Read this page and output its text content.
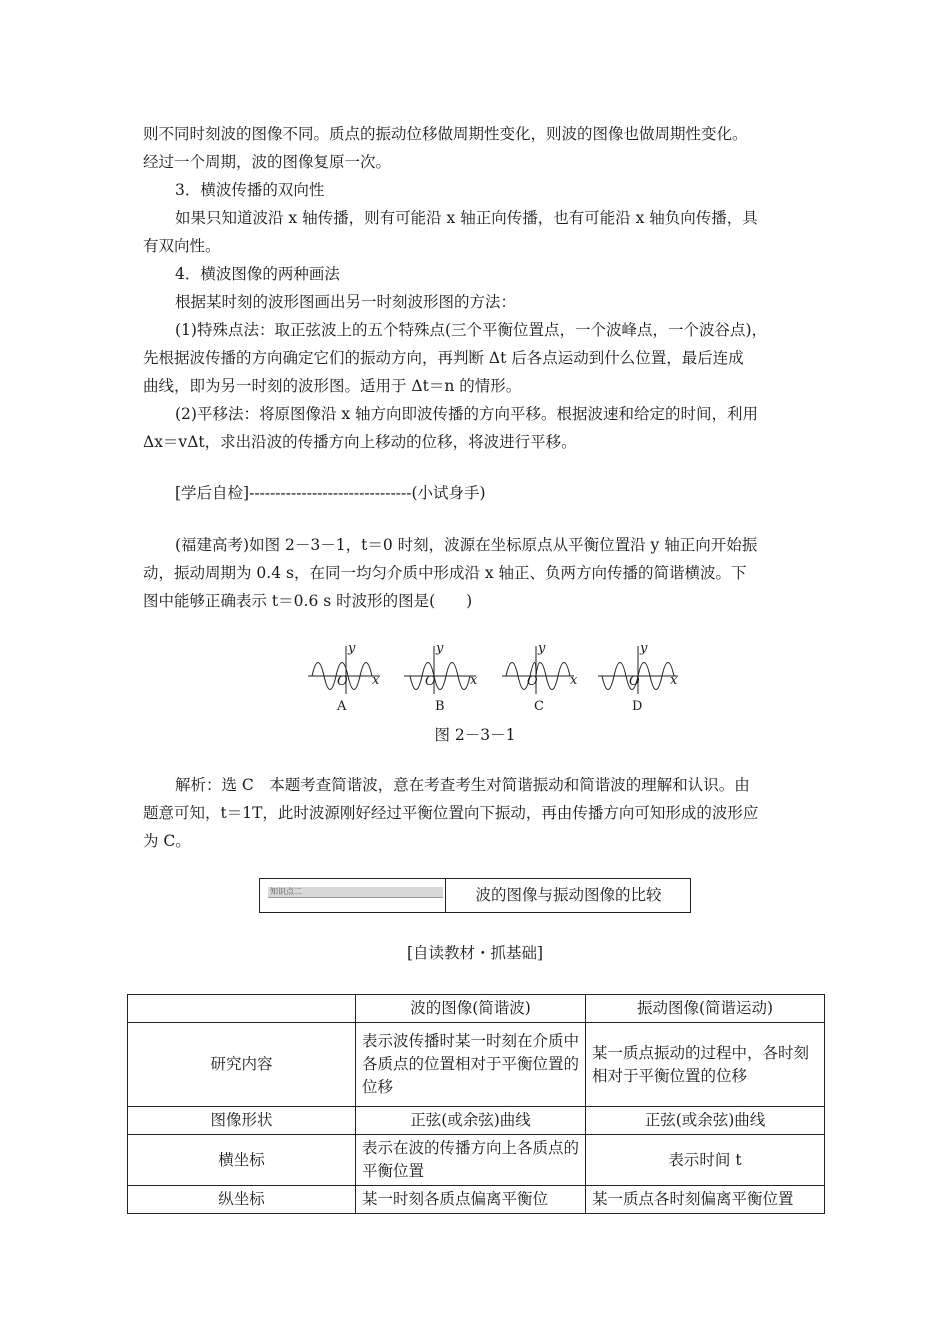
则不同时刻波的图像不同。质点的振动位移做周期性变化，则波的图像也做周期性变化。
经过一个周期，波的图像复原一次。
3．横波传播的双向性
如果只知道波沿 x 轴传播，则有可能沿 x 轴正向传播，也有可能沿 x 轴负向传播，具
有双向性。
4．横波图像的两种画法
根据某时刻的波形图画出另一时刻波形图的方法：
(1)特殊点法：取正弦波上的五个特殊点(三个平衡位置点，一个波峰点，一个波谷点)，
先根据波传播的方向确定它们的振动方向，再判断 Δt 后各点运动到什么位置，最后连成
曲线，即为另一时刻的波形图。适用于 Δt＝n 的情形。
(2)平移法：将原图像沿 x 轴方向即波传播的方向平移。根据波速和给定的时间，利用
Δx＝vΔt，求出沿波的传播方向上移动的位移，将波进行平移。
[学后自检]-------------------------------(小试身手)
(福建高考)如图 2－3－1，t＝0 时刻，波源在坐标原点从平衡位置沿 y 轴正向开始振
动，振动周期为 0.4 s，在同一均匀介质中形成沿 x 轴正、负两方向传播的简谐横波。下
图中能够正确表示 t＝0.6 s 时波形的图是(　　)
y
x
O
y
x
O
y
x
O
y
x
O
A	B	C	D
图 2－3－1
解析：选 C　本题考查简谐波，意在考查考生对简谐振动和简谐波的理解和认识。由
题意可知，t＝1T，此时波源刚好经过平衡位置向下振动，再由传播方向可知形成的波形应
为 C。
知识点二	波的图像与振动图像的比较
[自读教材・抓基础]
	波的图像(简谐波)	振动图像(简谐运动)
研究内容	表示波传播时某一时刻在介质中各质点的位置相对于平衡位置的位移	某一质点振动的过程中，各时刻相对于平衡位置的位移
图像形状	正弦(或余弦)曲线	正弦(或余弦)曲线
横坐标	表示在波的传播方向上各质点的平衡位置	表示时间 t
纵坐标	某一时刻各质点偏离平衡位	某一质点各时刻偏离平衡位置
